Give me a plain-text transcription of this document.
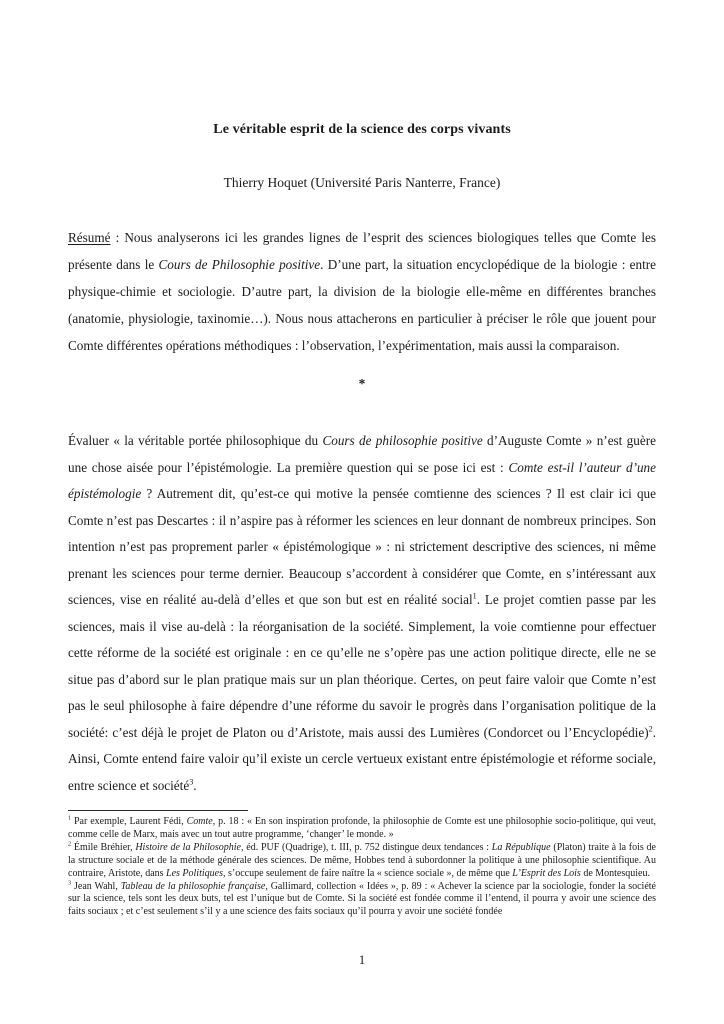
Le véritable esprit de la science des corps vivants
Thierry Hoquet (Université Paris Nanterre, France)

Résumé : Nous analyserons ici les grandes lignes de l’esprit des sciences biologiques telles que Comte les présente dans le Cours de Philosophie positive. D’une part, la situation encyclopédique de la biologie : entre physique-chimie et sociologie. D’autre part, la division de la biologie elle-même en différentes branches (anatomie, physiologie, taxinomie…). Nous nous attacherons en particulier à préciser le rôle que jouent pour Comte différentes opérations méthodiques : l’observation, l’expérimentation, mais aussi la comparaison.

*

Évaluer « la véritable portée philosophique du Cours de philosophie positive d’Auguste Comte » n’est guère une chose aisée pour l’épistémologie. La première question qui se pose ici est : Comte est-il l’auteur d’une épistémologie ? Autrement dit, qu’est-ce qui motive la pensée comtienne des sciences ? Il est clair ici que Comte n’est pas Descartes : il n’aspire pas à réformer les sciences en leur donnant de nombreux principes. Son intention n’est pas proprement parler « épistémologique » : ni strictement descriptive des sciences, ni même prenant les sciences pour terme dernier. Beaucoup s’accordent à considérer que Comte, en s’intéressant aux sciences, vise en réalité au-delà d’elles et que son but est en réalité social$^1$. Le projet comtien passe par les sciences, mais il vise au-delà : la réorganisation de la société. Simplement, la voie comtienne pour effectuer cette réforme de la société est originale : en ce qu’elle ne s’opère pas une action politique directe, elle ne se situe pas d’abord sur le plan pratique mais sur un plan théorique. Certes, on peut faire valoir que Comte n’est pas le seul philosophe à faire dépendre d’une réforme du savoir le progrès dans l’organisation politique de la société: c’est déjà le projet de Platon ou d’Aristote, mais aussi des Lumières (Condorcet ou l’Encyclopédie)$^2$. Ainsi, Comte entend faire valoir qu’il existe un cercle vertueux existant entre épistémologie et réforme sociale, entre science et société$^3$.

$^1$ Par exemple, Laurent Fédi, Comte, p. 18 : « En son inspiration profonde, la philosophie de Comte est une philosophie socio-politique, qui veut, comme celle de Marx, mais avec un tout autre programme, ‘changer’ le monde. »

$^2$ Émile Bréhier, Histoire de la Philosophie, éd. PUF (Quadrige), t. III, p. 752 distingue deux tendances : La République (Platon) traite à la fois de la structure sociale et de la méthode générale des sciences. De même, Hobbes tend à subordonner la politique à une philosophie scientifique. Au contraire, Aristote, dans Les Politiques, s’occupe seulement de faire naître la « science sociale », de même que L’Esprit des Lois de Montesquieu.

$^3$ Jean Wahl, Tableau de la philosophie française, Gallimard, collection « Idées », p. 89 : « Achever la science par la sociologie, fonder la société sur la science, tels sont les deux buts, tel est l’unique but de Comte. Si la société est fondée comme il l’entend, il pourra y avoir une science des faits sociaux ; et c’est seulement s’il y a une science des faits sociaux qu’il pourra y avoir une société fondée

1
